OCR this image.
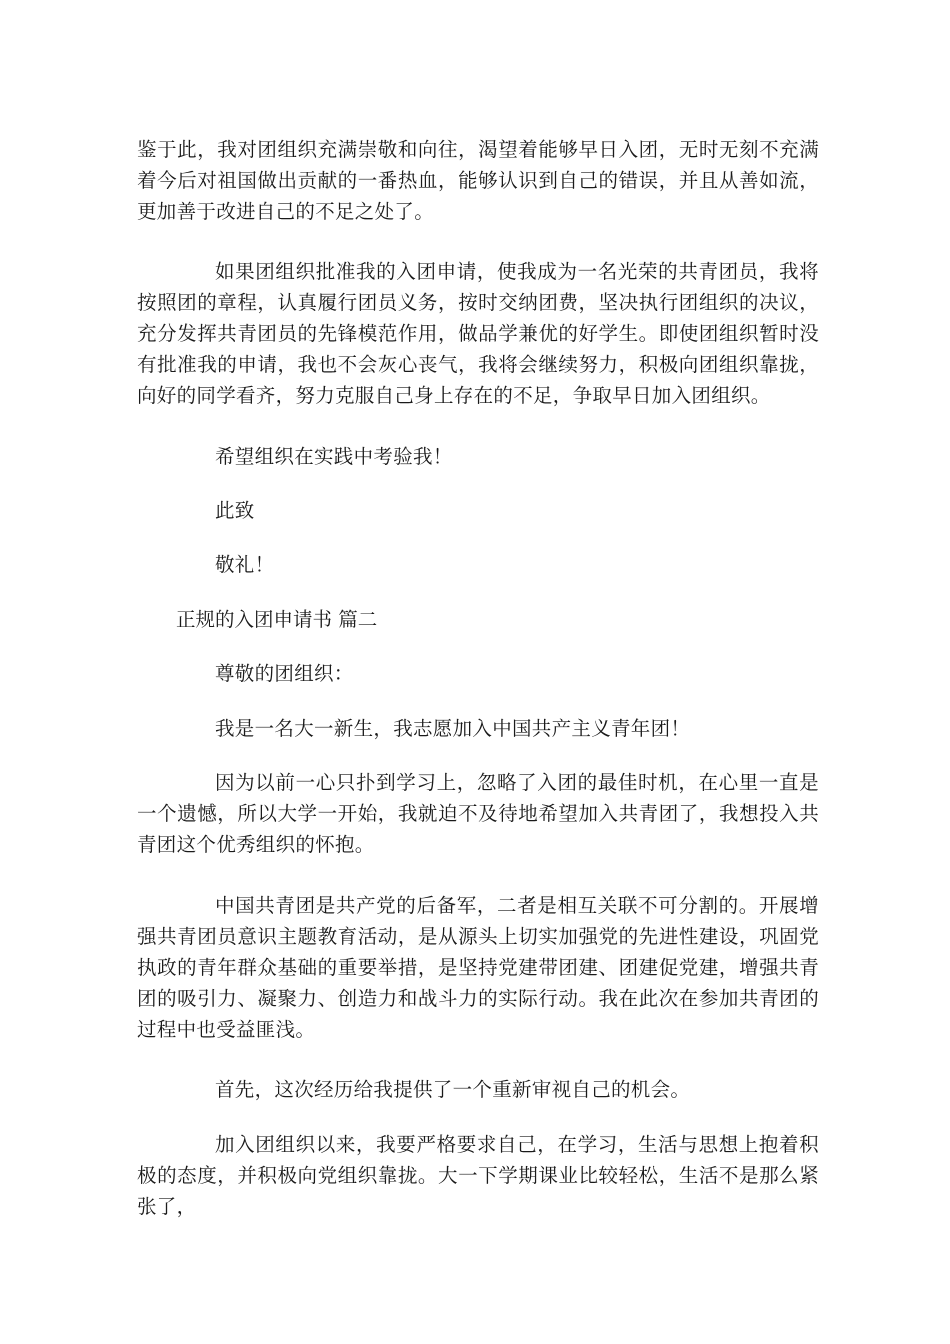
鉴于此，我对团组织充满崇敬和向往，渴望着能够早日入团，无时无刻不充满着今后对祖国做出贡献的一番热血，能够认识到自己的错误，并且从善如流，更加善于改进自己的不足之处了。

如果团组织批准我的入团申请，使我成为一名光荣的共青团员，我将按照团的章程，认真履行团员义务，按时交纳团费，坚决执行团组织的决议，充分发挥共青团员的先锋模范作用，做品学兼优的好学生。即使团组织暂时没有批准我的申请，我也不会灰心丧气，我将会继续努力，积极向团组织靠拢，向好的同学看齐，努力克服自己身上存在的不足，争取早日加入团组织。

希望组织在实践中考验我！

此致

敬礼！

正规的入团申请书 篇二

尊敬的团组织：

我是一名大一新生，我志愿加入中国共产主义青年团！

因为以前一心只扑到学习上，忽略了入团的最佳时机，在心里一直是一个遗憾，所以大学一开始，我就迫不及待地希望加入共青团了，我想投入共青团这个优秀组织的怀抱。

中国共青团是共产党的后备军，二者是相互关联不可分割的。开展增强共青团员意识主题教育活动，是从源头上切实加强党的先进性建设，巩固党执政的青年群众基础的重要举措，是坚持党建带团建、团建促党建，增强共青团的吸引力、凝聚力、创造力和战斗力的实际行动。我在此次在参加共青团的过程中也受益匪浅。

首先，这次经历给我提供了一个重新审视自己的机会。

加入团组织以来，我要严格要求自己，在学习，生活与思想上抱着积极的态度，并积极向党组织靠拢。大一下学期课业比较轻松，生活不是那么紧张了，
